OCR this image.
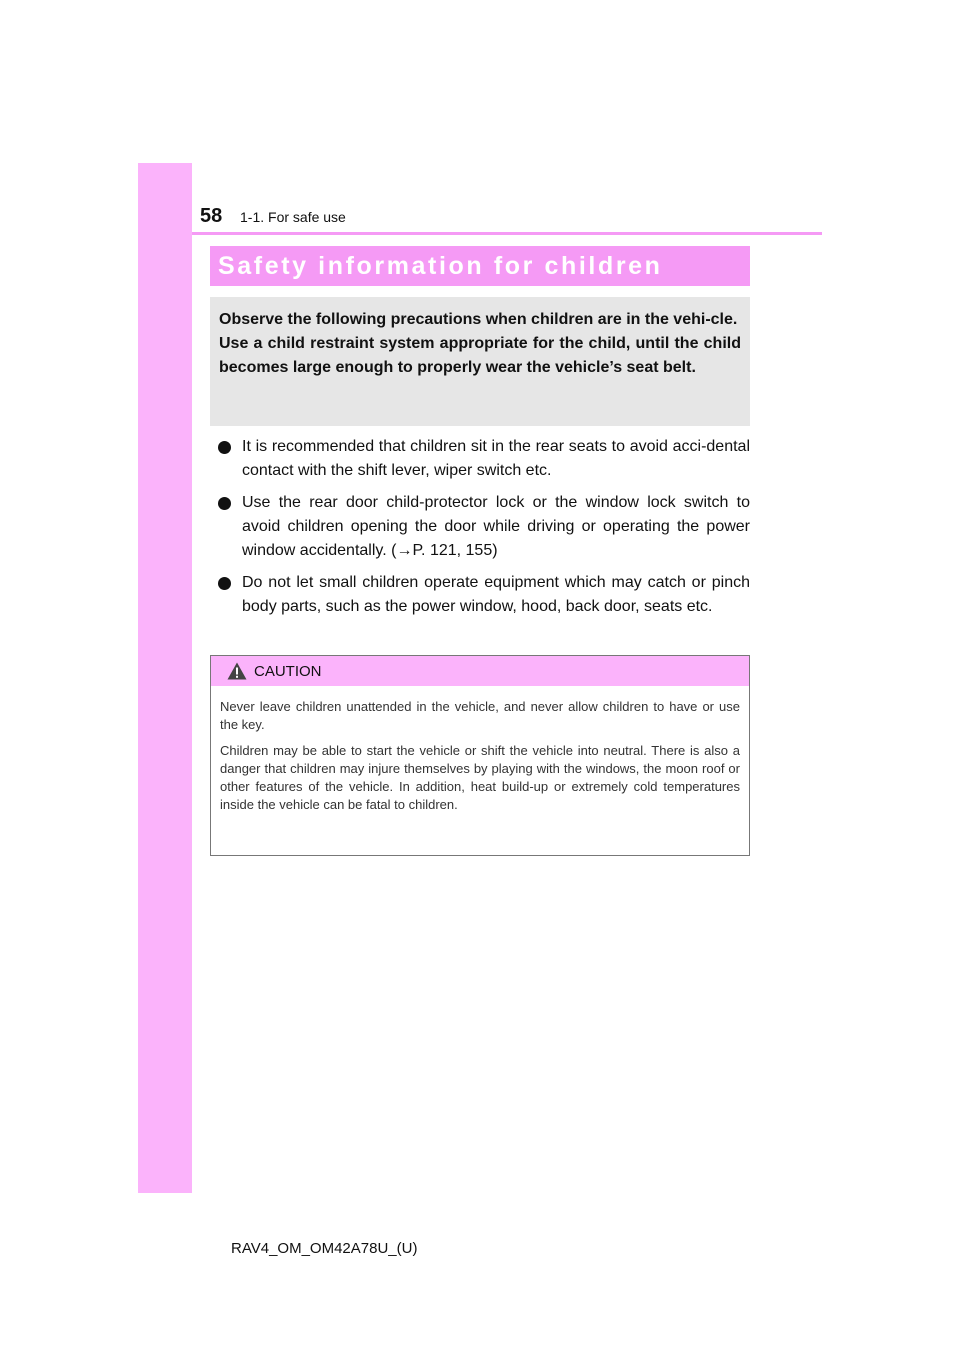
58 1-1. For safe use
Safety information for children

Observe the following precautions when children are in the vehi-cle.

Use a child restraint system appropriate for the child, until the child becomes large enough to properly wear the vehicle’s seat belt.

It is recommended that children sit in the rear seats to avoid acci-dental contact with the shift lever, wiper switch etc.
Use the rear door child-protector lock or the window lock switch to avoid children opening the door while driving or operating the power window accidentally. (→P. 121, 155)
Do not let small children operate equipment which may catch or pinch body parts, such as the power window, hood, back door, seats etc.
CAUTION

Never leave children unattended in the vehicle, and never allow children to have or use the key.

Children may be able to start the vehicle or shift the vehicle into neutral. There is also a danger that children may injure themselves by playing with the windows, the moon roof or other features of the vehicle. In addition, heat build-up or extremely cold temperatures inside the vehicle can be fatal to children.

RAV4_OM_OM42A78U_(U)
